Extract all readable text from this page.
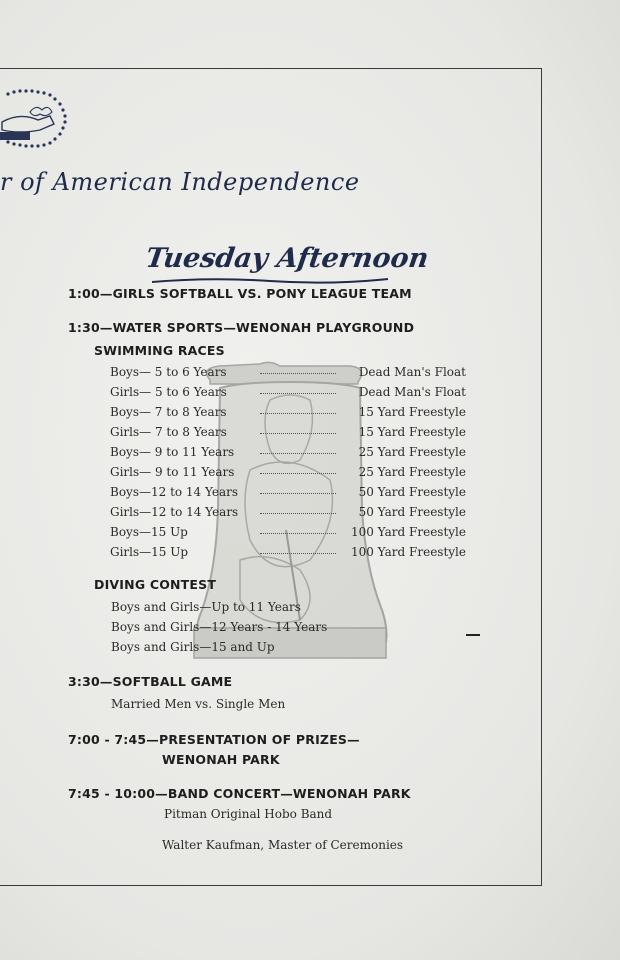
r of American Independence
Tuesday Afternoon
1:00—GIRLS SOFTBALL VS. PONY LEAGUE TEAM
1:30—WATER SPORTS—WENONAH PLAYGROUND
SWIMMING RACES
Boys— 5 to 6 Years	Dead Man's Float
Girls— 5 to 6 Years	Dead Man's Float
Boys— 7 to 8 Years	15 Yard Freestyle
Girls— 7 to 8 Years	15 Yard Freestyle
Boys— 9 to 11 Years	25 Yard Freestyle
Girls— 9 to 11 Years	25 Yard Freestyle
Boys—12 to 14 Years	50 Yard Freestyle
Girls—12 to 14 Years	50 Yard Freestyle
Boys—15 Up	100 Yard Freestyle
Girls—15 Up	100 Yard Freestyle
DIVING CONTEST
Boys and Girls—Up to 11 Years
Boys and Girls—12 Years - 14 Years
Boys and Girls—15 and Up
3:30—SOFTBALL GAME
Married Men vs. Single Men
7:00 - 7:45—PRESENTATION OF PRIZES—
WENONAH PARK
7:45 - 10:00—BAND CONCERT—WENONAH PARK
Pitman Original Hobo Band
Walter Kaufman, Master of Ceremonies
